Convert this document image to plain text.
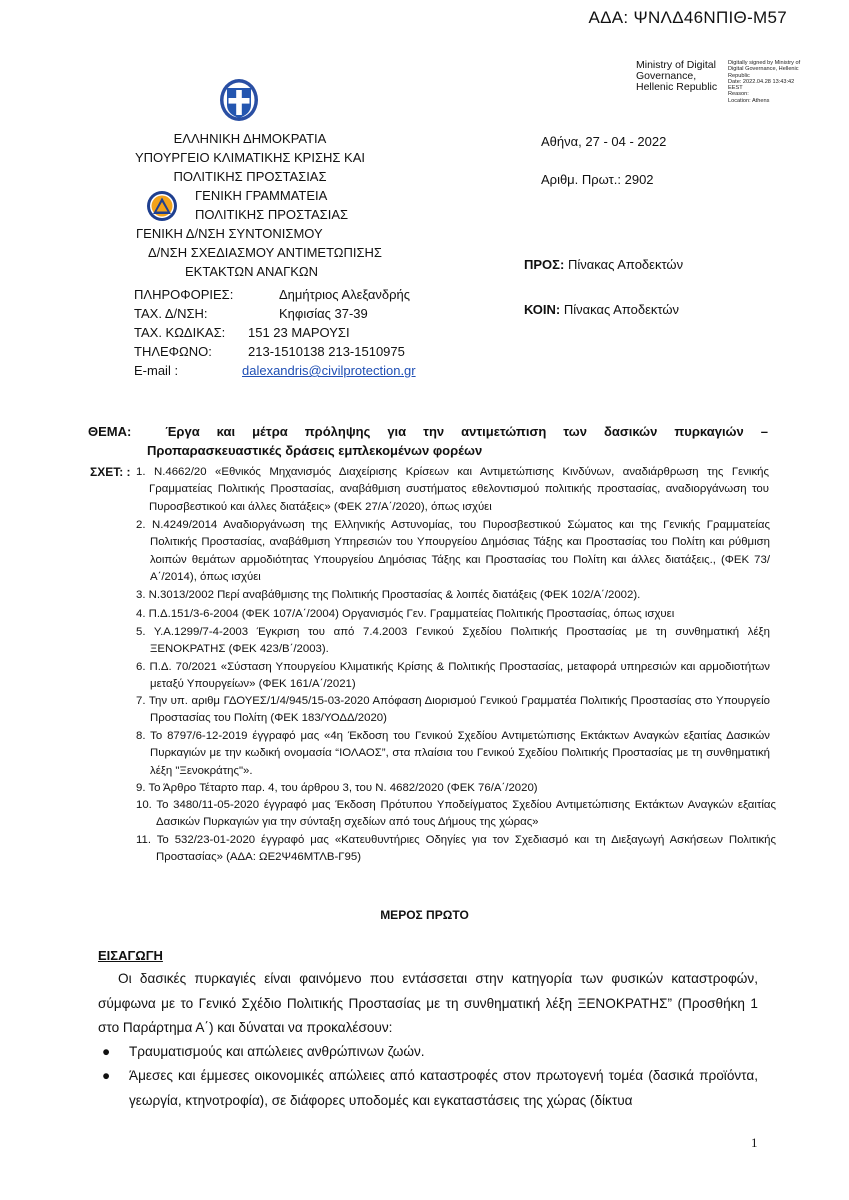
ΑΔΑ: ΨΝΛΔ46ΝΠΙΘ-Μ57
Ministry of Digital
Governance,
Hellenic Republic
Digitally signed by Ministry of
Digital Governance, Hellenic
Republic
Date: 2022.04.28 13:43:42
EEST
Reason:
Location: Athens
ΕΛΛΗΝΙΚΗ ΔΗΜΟΚΡΑΤΙΑ
ΥΠΟΥΡΓΕΙΟ ΚΛΙΜΑΤΙΚΗΣ ΚΡΙΣΗΣ ΚΑΙ
ΠΟΛΙΤΙΚΗΣ ΠΡΟΣΤΑΣΙΑΣ
ΓΕΝΙΚΗ ΓΡΑΜΜΑΤΕΙΑ
ΠΟΛΙΤΙΚΗΣ ΠΡΟΣΤΑΣΙΑΣ
ΓΕΝΙΚΗ Δ/ΝΣΗ ΣΥΝΤΟΝΙΣΜΟΥ
Δ/ΝΣΗ ΣΧΕΔΙΑΣΜΟΥ ΑΝΤΙΜΕΤΩΠΙΣΗΣ
ΕΚΤΑΚΤΩΝ ΑΝΑΓΚΩΝ
ΠΛΗΡΟΦΟΡΙΕΣ:	Δημήτριος Αλεξανδρής
ΤΑΧ. Δ/ΝΣΗ:	Κηφισίας 37-39
ΤΑΧ. ΚΩΔΙΚΑΣ: 151 23 ΜΑΡΟΥΣΙ
ΤΗΛΕΦΩΝΟ:	213-1510138 213-1510975
E-mail :	dalexandris@civilprotection.gr
Αθήνα, 27 - 04 - 2022
Αριθμ. Πρωτ.: 2902
ΠΡΟΣ: Πίνακας Αποδεκτών
ΚΟΙΝ: Πίνακας Αποδεκτών
ΘΕΜΑ:	Έργα και μέτρα πρόληψης για την αντιμετώπιση των δασικών πυρκαγιών –
Προπαρασκευαστικές δράσεις εμπλεκομένων φορέων
ΣΧΕΤ: : 1. Ν.4662/20 «Εθνικός Μηχανισμός Διαχείρισης Κρίσεων και Αντιμετώπισης Κινδύνων, αναδιάρθρωση της Γενικής Γραμματείας Πολιτικής Προστασίας, αναβάθμιση συστήματος εθελοντισμού πολιτικής προστασίας, αναδιοργάνωση του Πυροσβεστικού και άλλες διατάξεις» (ΦΕΚ 27/Α΄/2020), όπως ισχύει
2. Ν.4249/2014 Αναδιοργάνωση της Ελληνικής Αστυνομίας, του Πυροσβεστικού Σώματος και της Γενικής Γραμματείας Πολιτικής Προστασίας, αναβάθμιση Υπηρεσιών του Υπουργείου Δημόσιας Τάξης και Προστασίας του Πολίτη και ρύθμιση λοιπών θεμάτων αρμοδιότητας Υπουργείου Δημόσιας Τάξης και Προστασίας του Πολίτη και άλλες διατάξεις., (ΦΕΚ 73/Α΄/2014), όπως ισχύει
3. Ν.3013/2002 Περί αναβάθμισης της Πολιτικής Προστασίας & λοιπές διατάξεις (ΦΕΚ 102/Α΄/2002).
4. Π.Δ.151/3-6-2004 (ΦΕΚ 107/Α΄/2004) Οργανισμός Γεν. Γραμματείας Πολιτικής Προστασίας, όπως ισχυει
5. Υ.Α.1299/7-4-2003 Έγκριση του από 7.4.2003 Γενικού Σχεδίου Πολιτικής Προστασίας με τη συνθηματική λέξη ΞΕΝΟΚΡΑΤΗΣ (ΦΕΚ 423/Β΄/2003).
6. Π.Δ. 70/2021 «Σύσταση Υπουργείου Κλιματικής Κρίσης & Πολιτικής Προστασίας, μεταφορά υπηρεσιών και αρμοδιοτήτων μεταξύ Υπουργείων» (ΦΕΚ 161/Α΄/2021)
7. Την υπ. αριθμ ΓΔΟΥΕΣ/1/4/945/15-03-2020 Απόφαση Διορισμού Γενικού Γραμματέα Πολιτικής Προστασίας στο Υπουργείο Προστασίας του Πολίτη (ΦΕΚ 183/ΥΟΔΔ/2020)
8. Το 8797/6-12-2019 έγγραφό μας «4η Έκδοση του Γενικού Σχεδίου Αντιμετώπισης Εκτάκτων Αναγκών εξαιτίας Δασικών Πυρκαγιών με την κωδική ονομασία “ΙΟΛΑΟΣ”, στα πλαίσια του Γενικού Σχεδίου Πολιτικής Προστασίας με τη συνθηματική λέξη "Ξενοκράτης"».
9. Το Άρθρο Τέταρτο παρ. 4, του άρθρου 3, του Ν. 4682/2020 (ΦΕΚ 76/Α΄/2020)
10. Το 3480/11-05-2020 έγγραφό μας Έκδοση Πρότυπου Υποδείγματος Σχεδίου Αντιμετώπισης Εκτάκτων Αναγκών εξαιτίας Δασικών Πυρκαγιών για την σύνταξη σχεδίων από τους Δήμους της χώρας»
11. Το 532/23-01-2020 έγγραφό μας «Κατευθυντήριες Οδηγίες για τον Σχεδιασμό και τη Διεξαγωγή Ασκήσεων Πολιτικής Προστασίας» (ΑΔΑ: ΩΕ2Ψ46ΜΤΛΒ-Γ95)
ΜΕΡΟΣ ΠΡΩΤΟ
ΕΙΣΑΓΩΓΗ
Οι δασικές πυρκαγιές είναι φαινόμενο που εντάσσεται στην κατηγορία των φυσικών καταστροφών, σύμφωνα με το Γενικό Σχέδιο Πολιτικής Προστασίας με τη συνθηματική λέξη ΞΕΝΟΚΡΑΤΗΣ” (Προσθήκη 1 στο Παράρτημα Α΄) και δύναται να προκαλέσουν:
● Τραυματισμούς και απώλειες ανθρώπινων ζωών.
● Άμεσες και έμμεσες οικονομικές απώλειες από καταστροφές στον πρωτογενή τομέα (δασικά προϊόντα, γεωργία, κτηνοτροφία), σε διάφορες υποδομές και εγκαταστάσεις της χώρας (δίκτυα
1
